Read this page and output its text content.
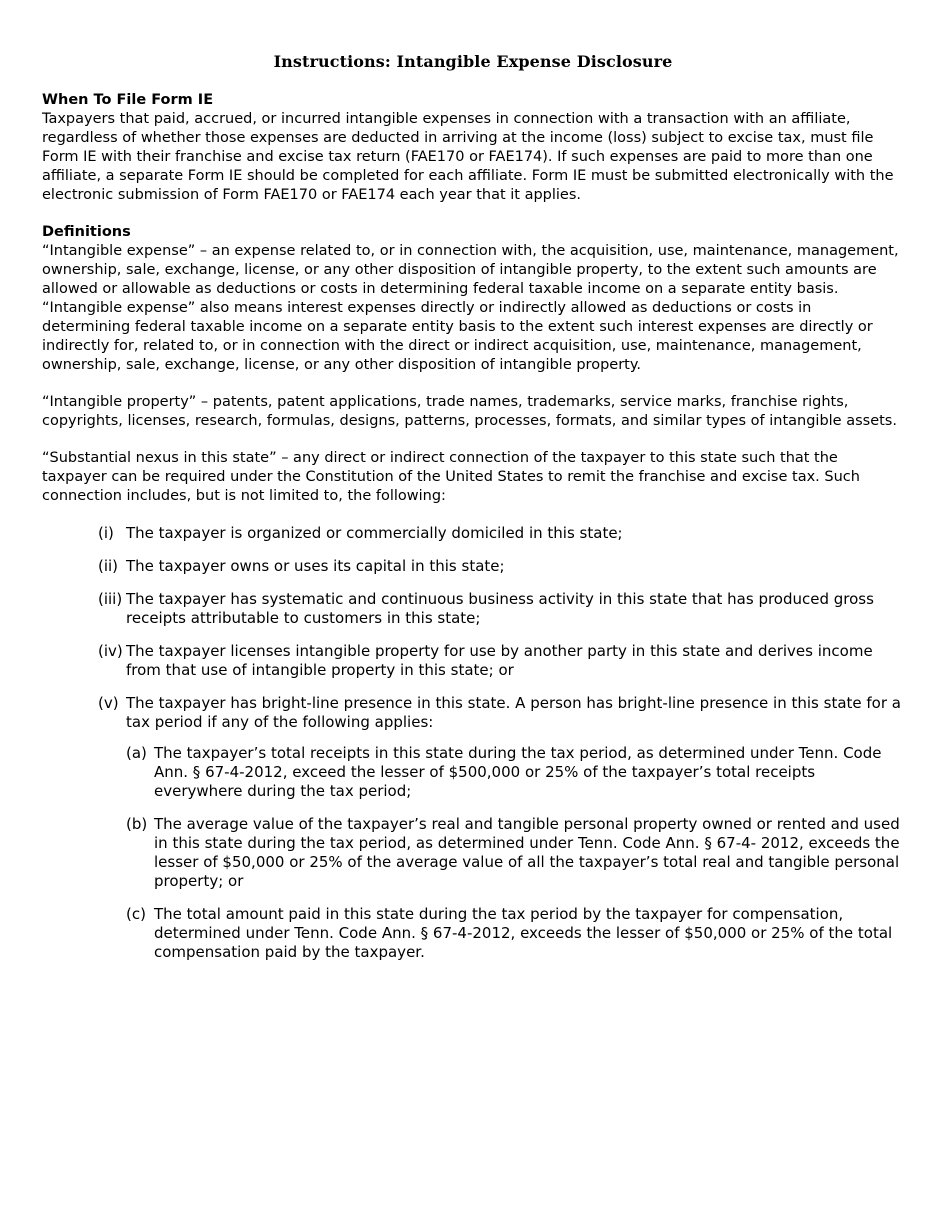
Instructions: Intangible Expense Disclosure

When To File Form IE

Taxpayers that paid, accrued, or incurred intangible expenses in connection with a transaction with an affiliate, regardless of whether those expenses are deducted in arriving at the income (loss) subject to excise tax, must file Form IE with their franchise and excise tax return (FAE170 or FAE174). If such expenses are paid to more than one affiliate, a separate Form IE should be completed for each affiliate. Form IE must be submitted electronically with the electronic submission of Form FAE170 or FAE174 each year that it applies.

Definitions

“Intangible expense” – an expense related to, or in connection with, the acquisition, use, maintenance, management, ownership, sale, exchange, license, or any other disposition of intangible property, to the extent such amounts are allowed or allowable as deductions or costs in determining federal taxable income on a separate entity basis.

“Intangible expense” also means interest expenses directly or indirectly allowed as deductions or costs in determining federal taxable income on a separate entity basis to the extent such interest expenses are directly or indirectly for, related to, or in connection with the direct or indirect acquisition, use, maintenance, management, ownership, sale, exchange, license, or any other disposition of intangible property.

“Intangible property” – patents, patent applications, trade names, trademarks, service marks, franchise rights, copyrights, licenses, research, formulas, designs, patterns, processes, formats, and similar types of intangible assets.

“Substantial nexus in this state” – any direct or indirect connection of the taxpayer to this state such that the taxpayer can be required under the Constitution of the United States to remit the franchise and excise tax. Such connection includes, but is not limited to, the following:

(i) The taxpayer is organized or commercially domiciled in this state;
(ii) The taxpayer owns or uses its capital in this state;
(iii) The taxpayer has systematic and continuous business activity in this state that has produced gross receipts attributable to customers in this state;
(iv) The taxpayer licenses intangible property for use by another party in this state and derives income from that use of intangible property in this state; or
(v) The taxpayer has bright-line presence in this state. A person has bright-line presence in this state for a tax period if any of the following applies:
(a) The taxpayer’s total receipts in this state during the tax period, as determined under Tenn. Code Ann. § 67-4-2012, exceed the lesser of $500,000 or 25% of the taxpayer’s total receipts everywhere during the tax period;
(b) The average value of the taxpayer’s real and tangible personal property owned or rented and used in this state during the tax period, as determined under Tenn. Code Ann. § 67-4- 2012, exceeds the lesser of $50,000 or 25% of the average value of all the taxpayer’s total real and tangible personal property; or
(c) The total amount paid in this state during the tax period by the taxpayer for compensation, determined under Tenn. Code Ann. § 67-4-2012, exceeds the lesser of $50,000 or 25% of the total compensation paid by the taxpayer.
